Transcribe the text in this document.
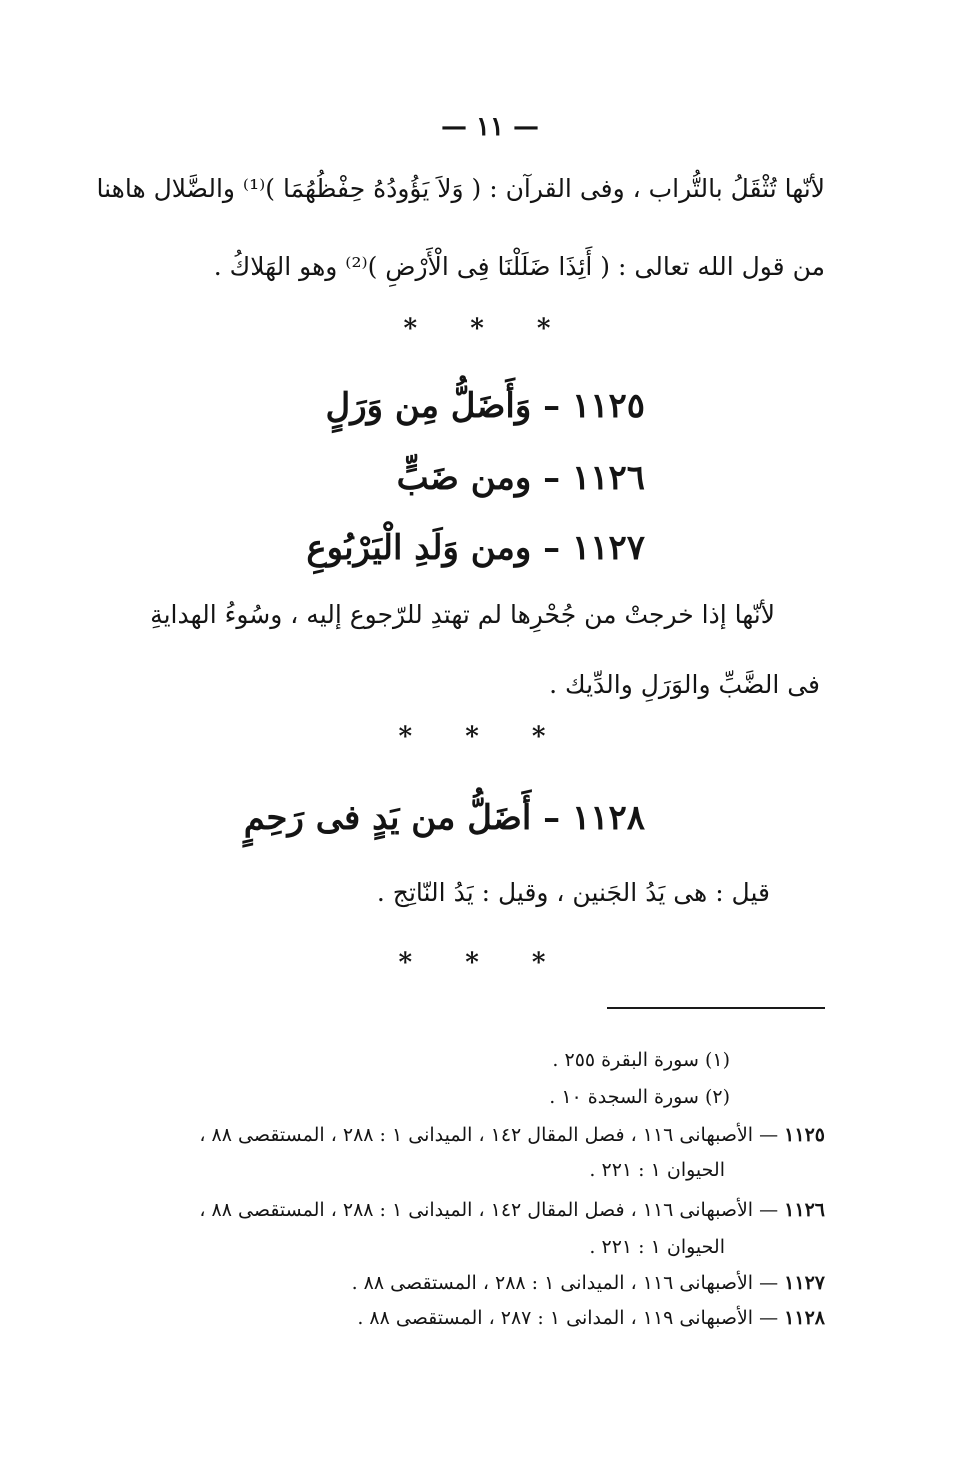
— ١١ —
لأنّها تُثْقَلُ بالتُّراب ، وفى القرآن : ( وَلاَ يَؤُودُهُ حِفْظُهُمَا )⁽¹⁾ والضَّلال هاهنا
من قول الله تعالى : ( أَئِذَا ضَلَلْنَا فِى الْأَرْضِ )⁽²⁾ وهو الهَلاكُ .
* * *
١١٢٥ – وَأَضَلُّ مِن وَرَلٍ
١١٢٦ – ومن ضَبٍّ
١١٢٧ – ومن وَلَدِ الْيَرْبُوعِ
لأنّها إذا خرجتْ من جُحْرِها لم تهتدِ للرّجوع إليه ، وسُوءُ الهدايةِ
فى الضَّبِّ والوَرَلِ والدِّيك .
* * *
١١٢٨ – أَضَلُّ من يَدٍ فى رَحِمٍ
قيل : هى يَدُ الجَنين ، وقيل : يَدُ النّاتِج .
* * *
(١) سورة البقرة ٢٥٥ .
(٢) سورة السجدة ١٠ .
١١٢٥ — الأصبهانى ١١٦ ، فصل المقال ١٤٢ ، الميدانى ١ : ٢٨٨ ، المستقصى ٨٨ ،
الحيوان ١ : ٢٢١ .
١١٢٦ — الأصبهانى ١١٦ ، فصل المقال ١٤٢ ، الميدانى ١ : ٢٨٨ ، المستقصى ٨٨ ،
الحيوان ١ : ٢٢١ .
١١٢٧ — الأصبهانى ١١٦ ، الميدانى ١ : ٢٨٨ ، المستقصى ٨٨ .
١١٢٨ — الأصبهانى ١١٩ ، المدانى ١ : ٢٨٧ ، المستقصى ٨٨ .
